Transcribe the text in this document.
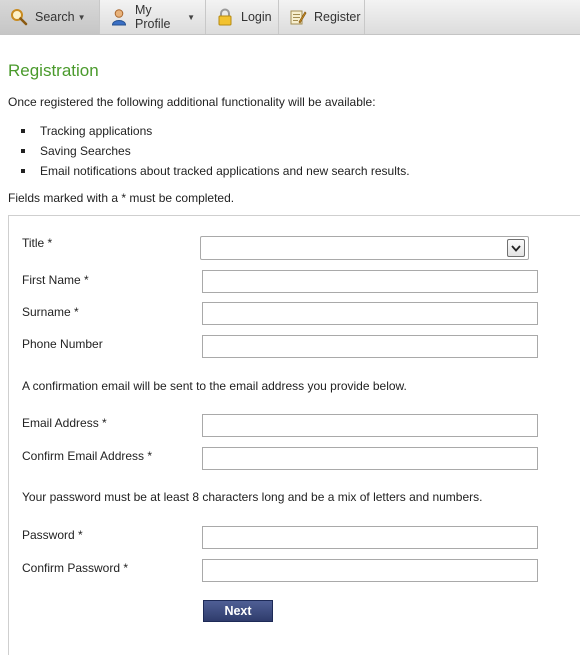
Search ▼	My Profile	▼	Login	Register
Registration
Once registered the following additional functionality will be available:
Tracking applications
Saving Searches
Email notifications about tracked applications and new search results.
Fields marked with a * must be completed.
Title *
First Name *
Surname *
Phone Number
A confirmation email will be sent to the email address you provide below.
Email Address *
Confirm Email Address *
Your password must be at least 8 characters long and be a mix of letters and numbers.
Password *
Confirm Password *
Next
